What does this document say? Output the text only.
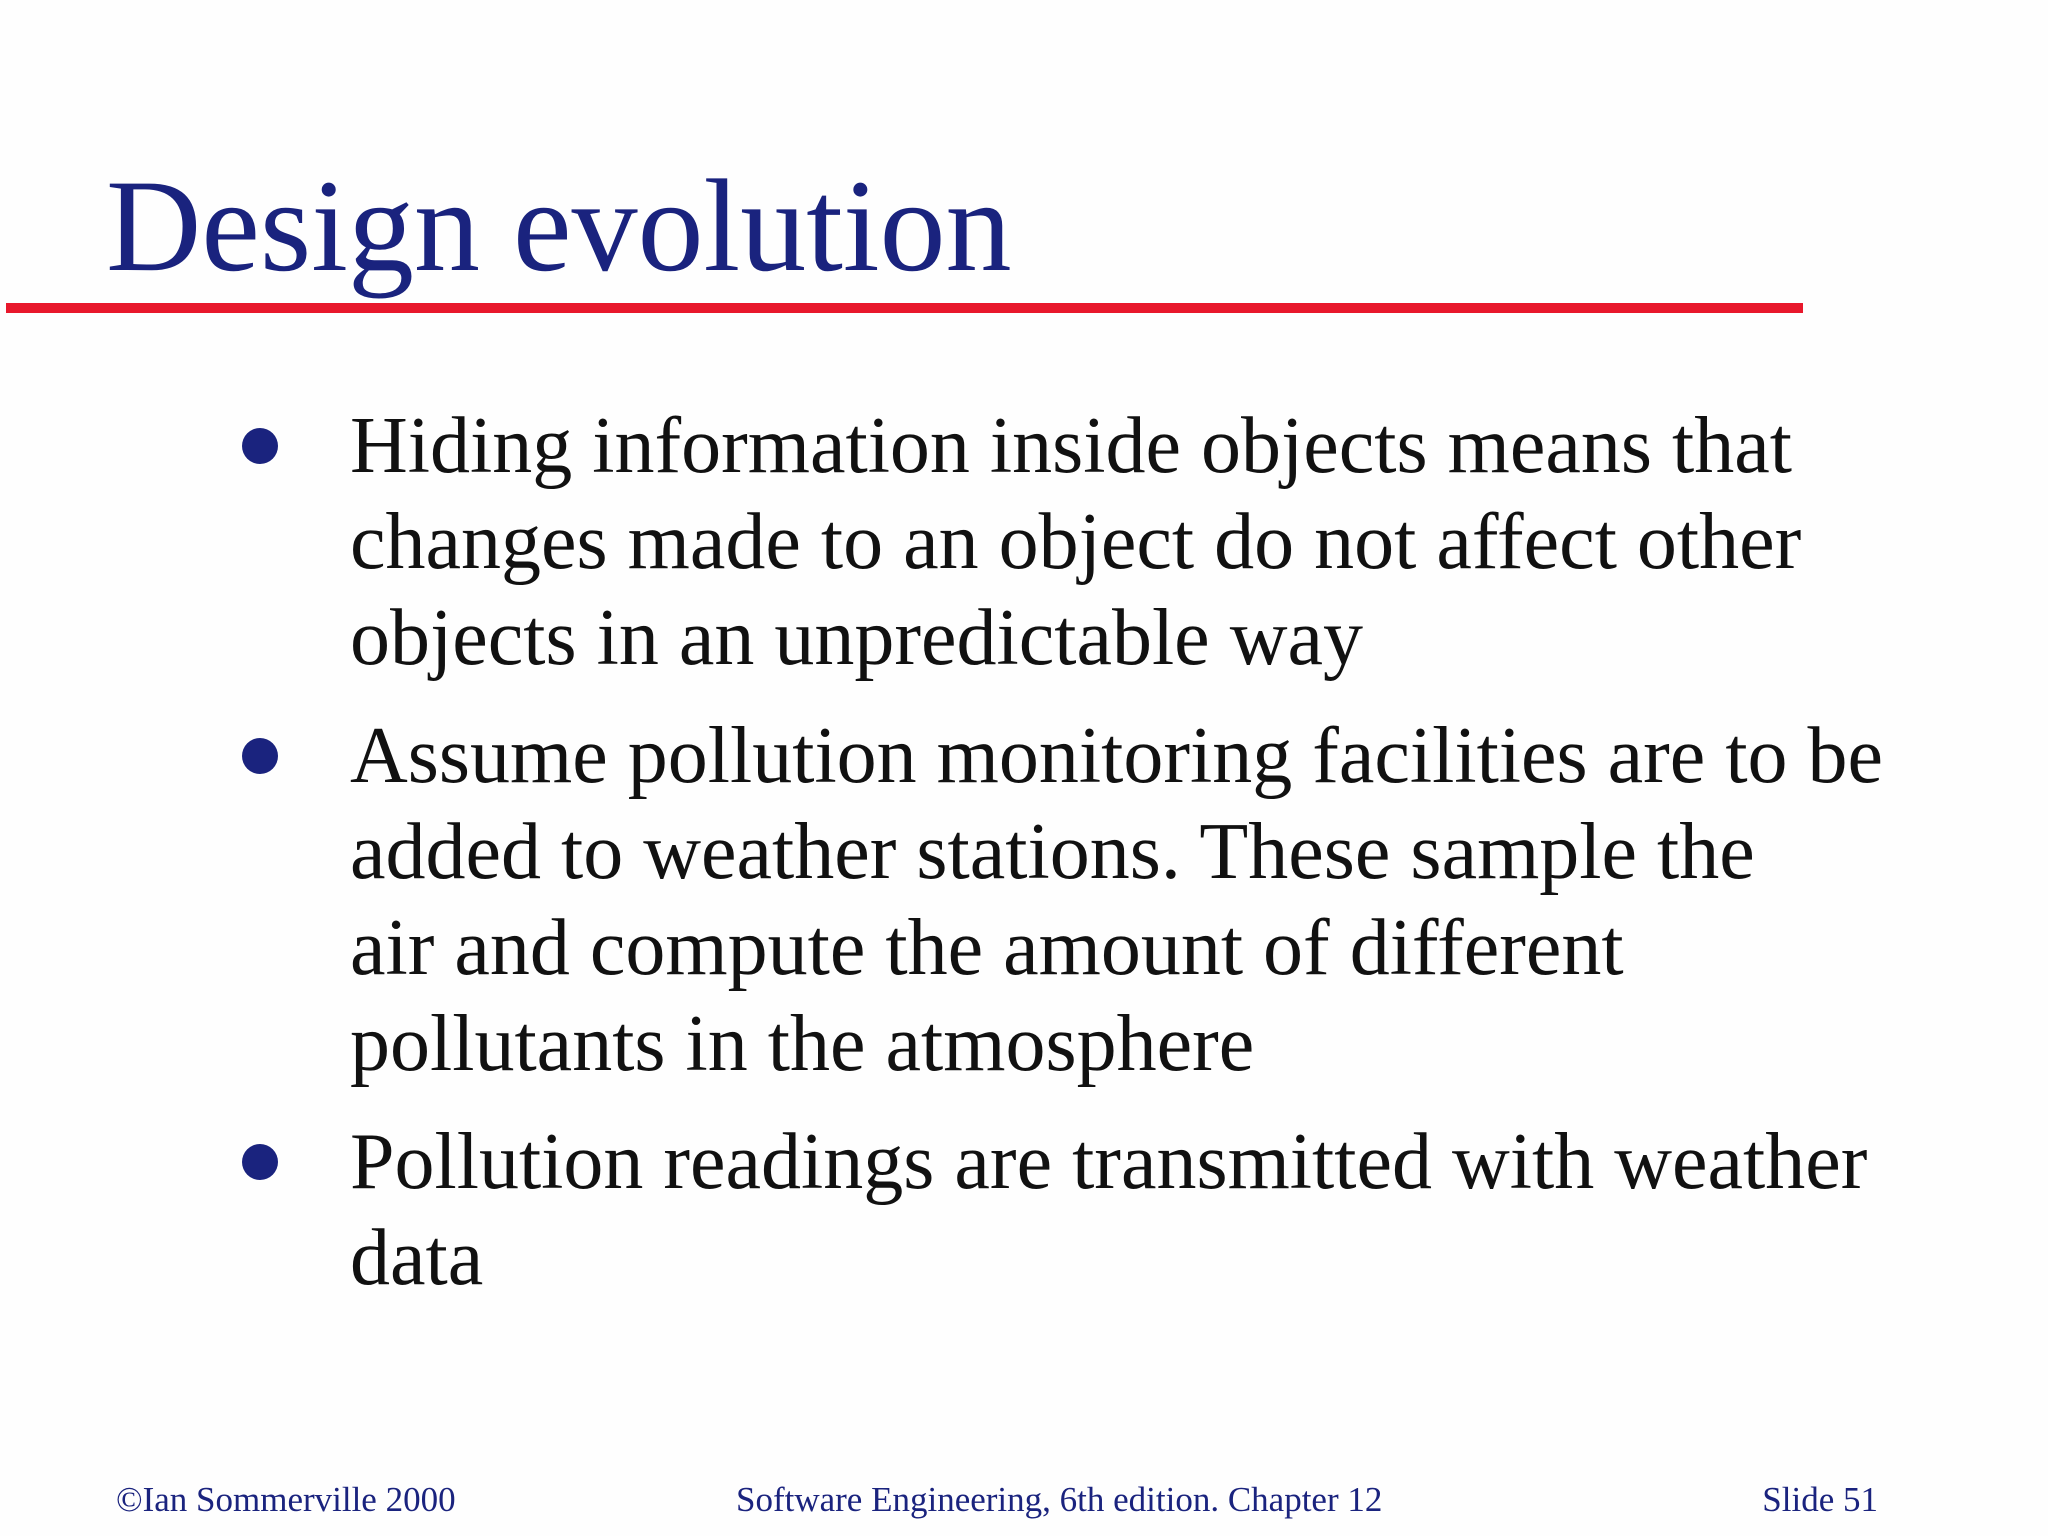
Design evolution
Hiding information inside objects means that
changes made to an object do not affect other
objects in an unpredictable way
Assume pollution monitoring facilities are to be
added to weather stations. These sample the
air and compute the amount of different
pollutants in the atmosphere
Pollution readings are transmitted with weather
data
©Ian Sommerville 2000	Software Engineering, 6th edition. Chapter 12	Slide 51
